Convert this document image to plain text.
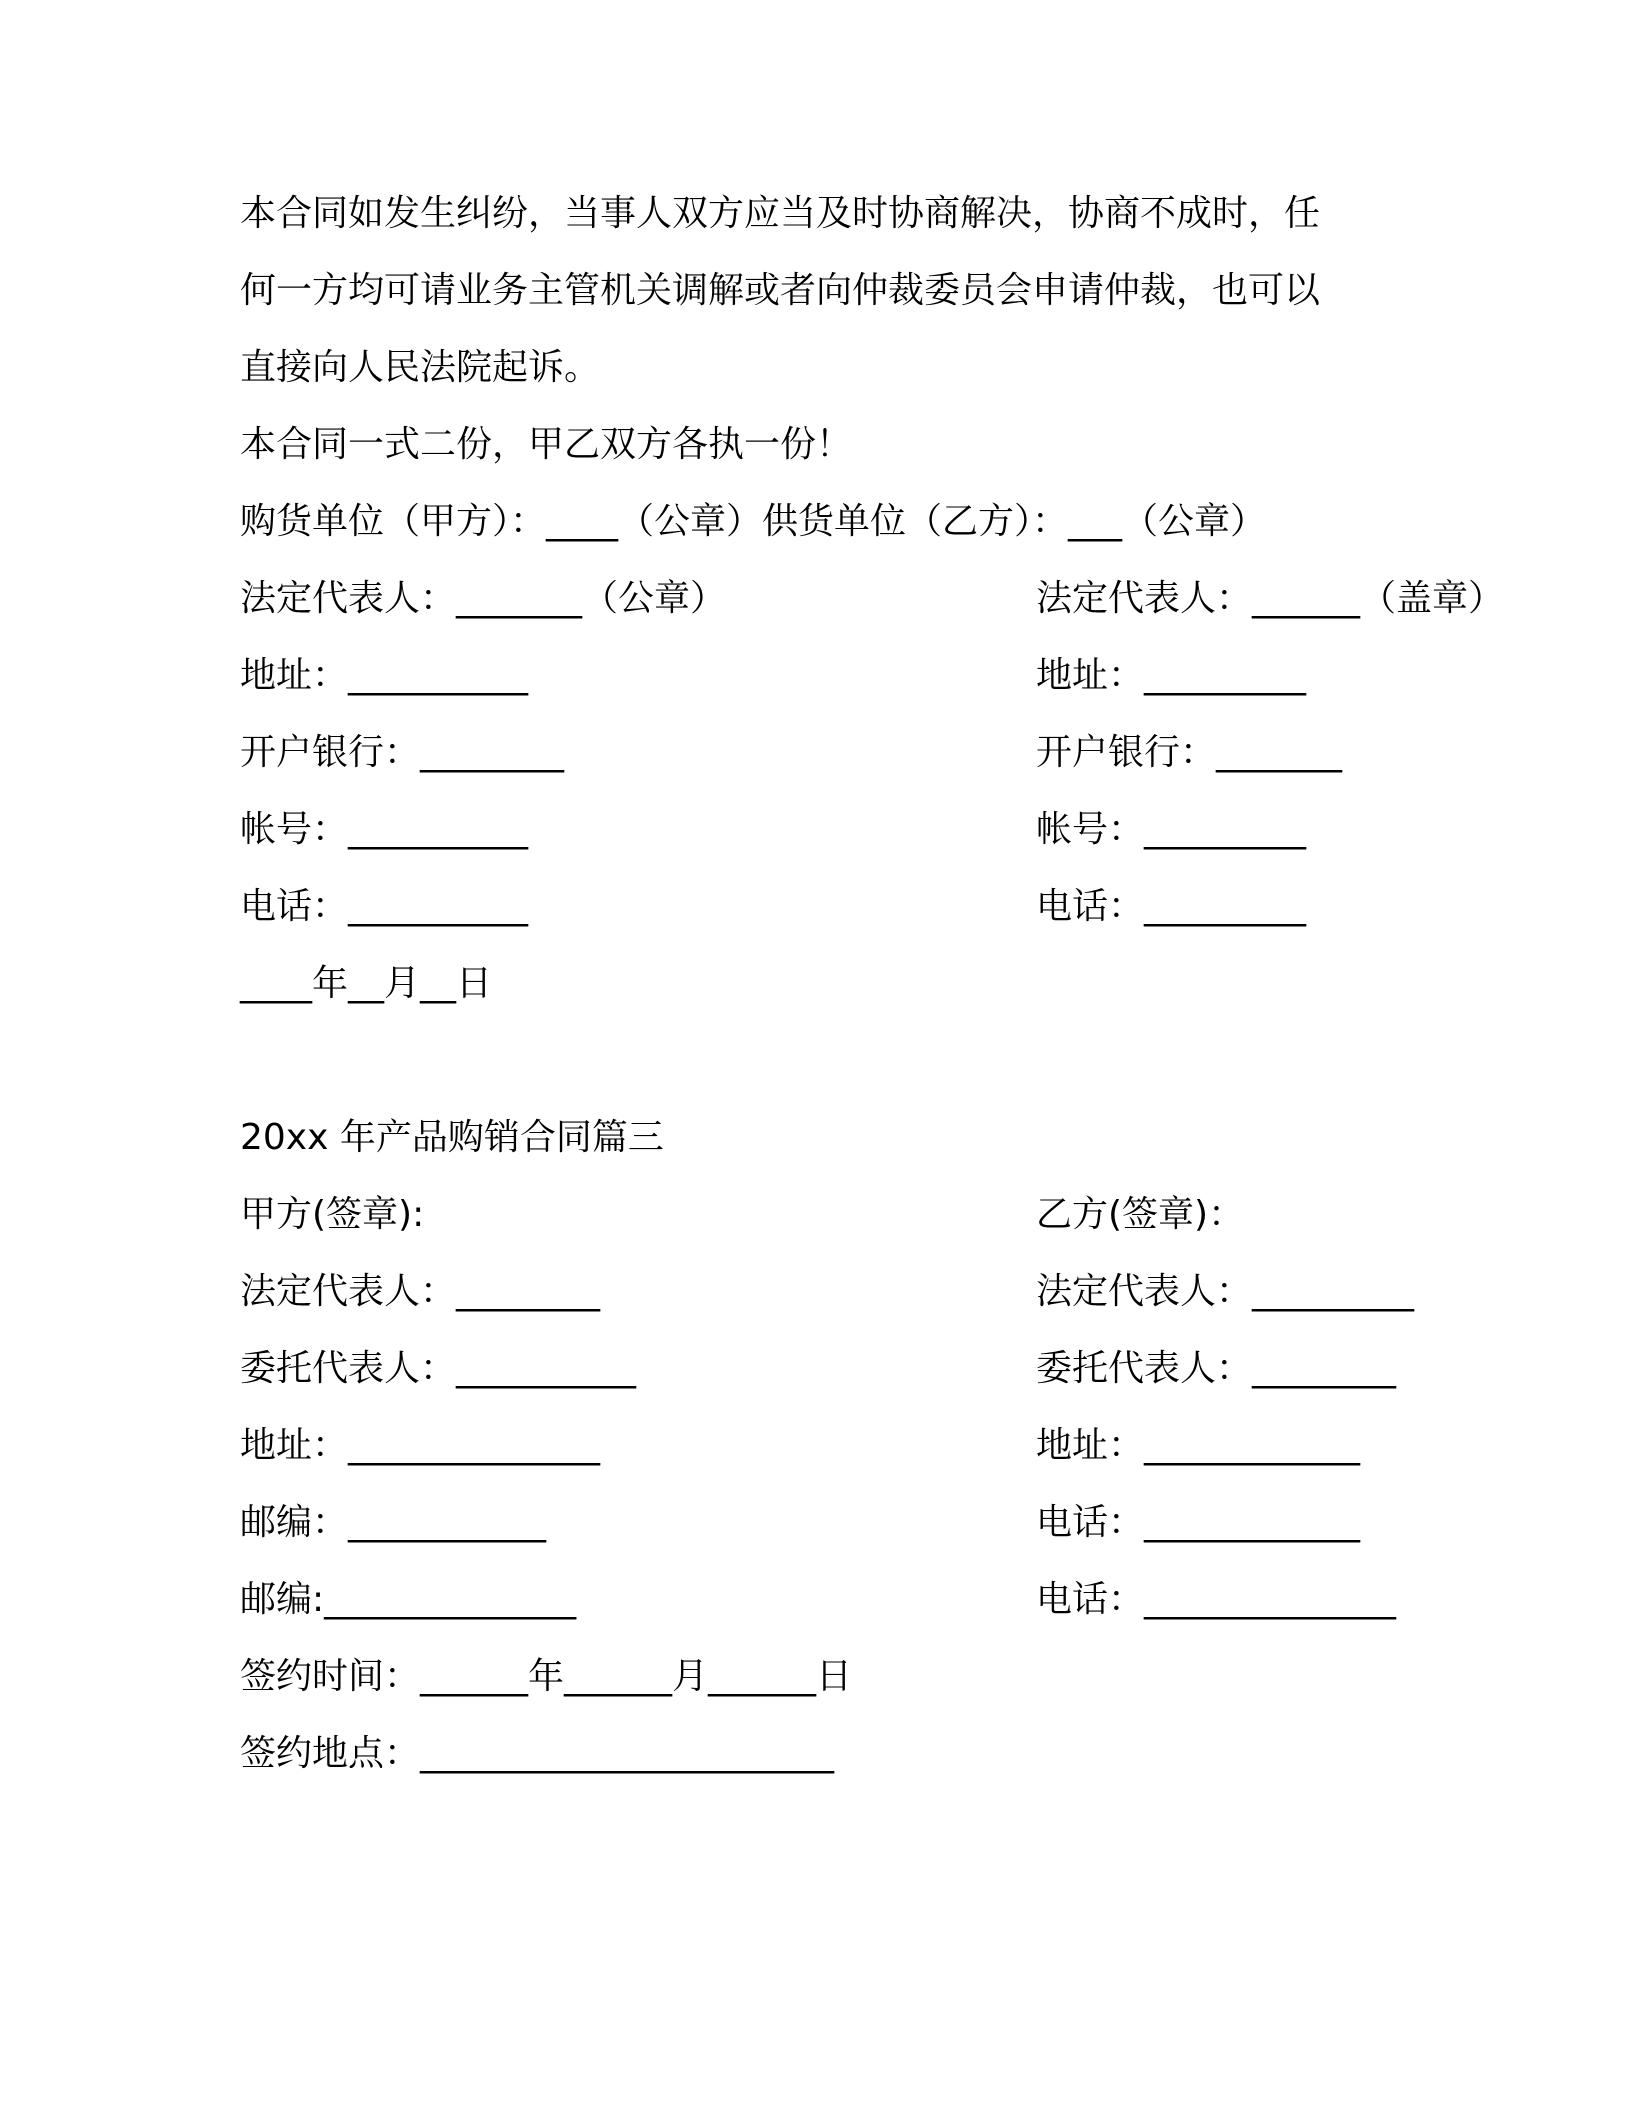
本合同如发生纠纷，当事人双方应当及时协商解决，协商不成时，任
何一方均可请业务主管机关调解或者向仲裁委员会申请仲裁，也可以
直接向人民法院起诉。
本合同一式二份，甲乙双方各执一份！
购货单位（甲方）：____（公章）供货单位（乙方）：___（公章）
法定代表人：_______（公章）	法定代表人：______（盖章）
地址：__________	地址：_________
开户银行：________	开户银行：_______
帐号：__________	帐号：_________
电话：__________	电话：_________
____年__月__日
20xx 年产品购销合同篇三
甲方(签章):	乙方(签章)：
法定代表人：________	法定代表人：_________
委托代表人：__________	委托代表人：________
地址：______________	地址：____________
邮编：___________	电话：____________
邮编:______________	电话：______________
签约时间：______年______月______日
签约地点：_______________________
